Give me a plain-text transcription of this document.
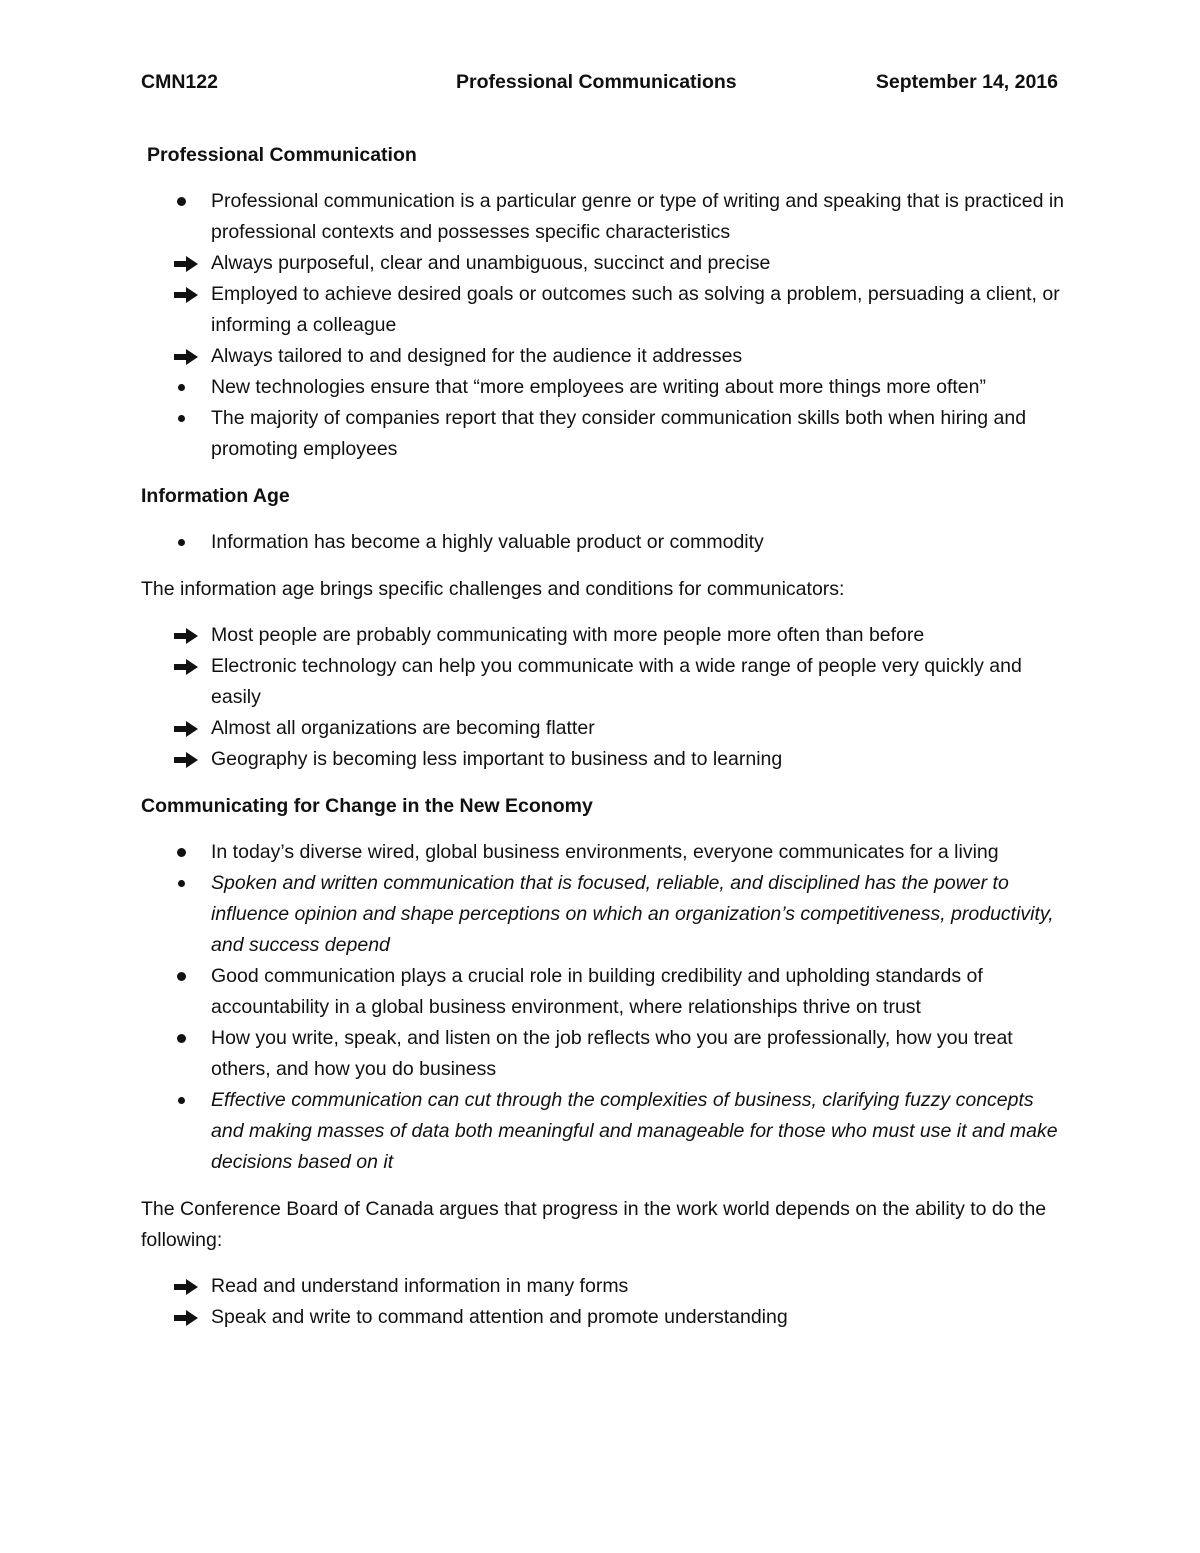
CMN122	Professional Communications	September 14, 2016
Professional Communication
Professional communication is a particular genre or type of writing and speaking that is practiced in professional contexts and possesses specific characteristics
Always purposeful, clear and unambiguous, succinct and precise
Employed to achieve desired goals or outcomes such as solving a problem, persuading a client, or informing a colleague
Always tailored to and designed for the audience it addresses
New technologies ensure that “more employees are writing about more things more often”
The majority of companies report that they consider communication skills both when hiring and promoting employees
Information Age
Information has become a highly valuable product or commodity

The information age brings specific challenges and conditions for communicators:

Most people are probably communicating with more people more often than before
Electronic technology can help you communicate with a wide range of people very quickly and easily
Almost all organizations are becoming flatter
Geography is becoming less important to business and to learning
Communicating for Change in the New Economy
In today’s diverse wired, global business environments, everyone communicates for a living
Spoken and written communication that is focused, reliable, and disciplined has the power to influence opinion and shape perceptions on which an organization’s competitiveness, productivity, and success depend
Good communication plays a crucial role in building credibility and upholding standards of accountability in a global business environment, where relationships thrive on trust
How you write, speak, and listen on the job reflects who you are professionally, how you treat others, and how you do business
Effective communication can cut through the complexities of business, clarifying fuzzy concepts and making masses of data both meaningful and manageable for those who must use it and make decisions based on it

The Conference Board of Canada argues that progress in the work world depends on the ability to do the following:

Read and understand information in many forms
Speak and write to command attention and promote understanding
